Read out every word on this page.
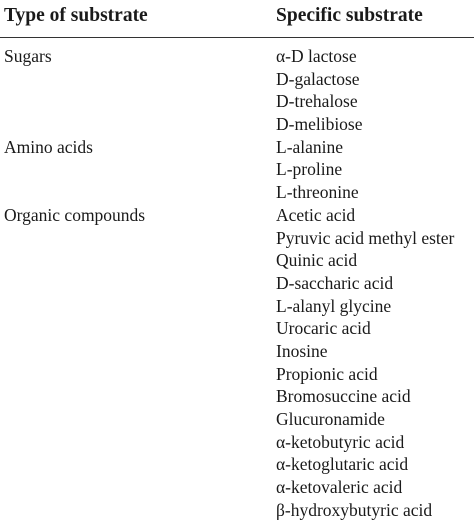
Type of substrate	Specific substrate
Sugars	α-D lactose
D-galactose
D-trehalose
D-melibiose
Amino acids	L-alanine
L-proline
L-threonine
Organic compounds	Acetic acid
Pyruvic acid methyl ester
Quinic acid
D-saccharic acid
L-alanyl glycine
Urocaric acid
Inosine
Propionic acid
Bromosuccine acid
Glucuronamide
α-ketobutyric acid
α-ketoglutaric acid
α-ketovaleric acid
β-hydroxybutyric acid
